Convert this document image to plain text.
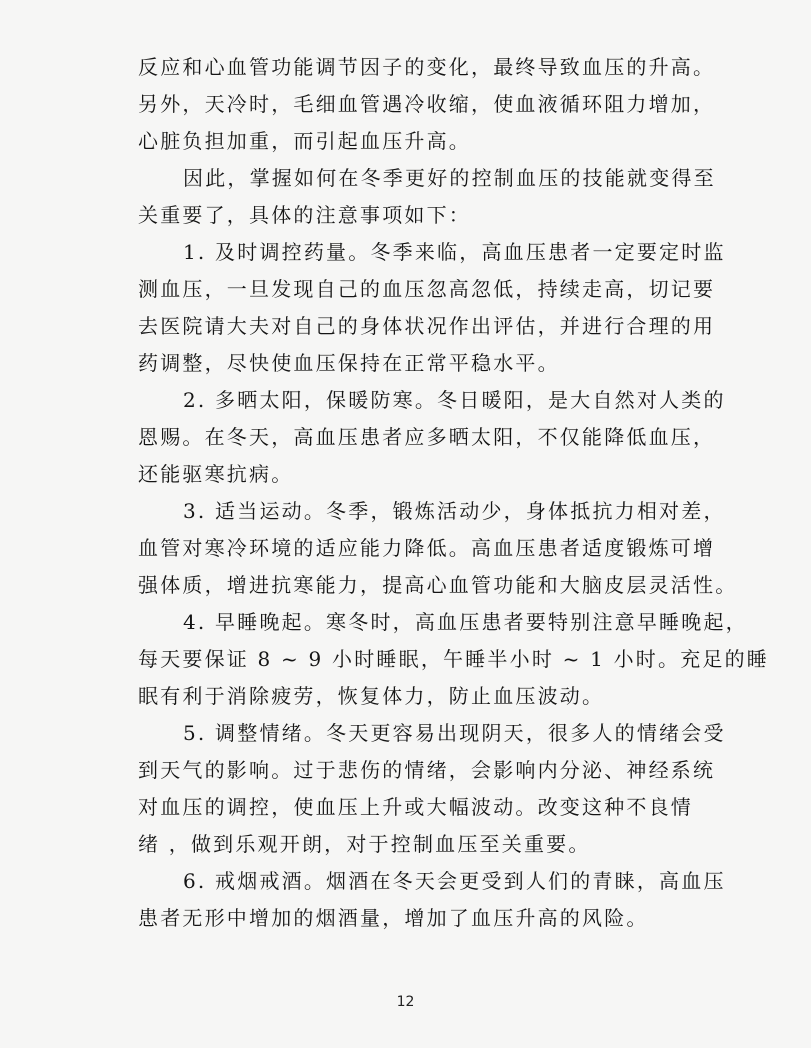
反应和心血管功能调节因子的变化，最终导致血压的升高。
另外，天冷时，毛细血管遇冷收缩，使血液循环阻力增加，
心脏负担加重，而引起血压升高。
因此，掌握如何在冬季更好的控制血压的技能就变得至
关重要了，具体的注意事项如下：
1. 及时调控药量。冬季来临，高血压患者一定要定时监
测血压，一旦发现自己的血压忽高忽低，持续走高，切记要
去医院请大夫对自己的身体状况作出评估，并进行合理的用
药调整，尽快使血压保持在正常平稳水平。
2. 多晒太阳，保暖防寒。冬日暖阳，是大自然对人类的
恩赐。在冬天，高血压患者应多晒太阳，不仅能降低血压，
还能驱寒抗病。
3. 适当运动。冬季，锻炼活动少，身体抵抗力相对差，
血管对寒冷环境的适应能力降低。高血压患者适度锻炼可增
强体质，增进抗寒能力，提高心血管功能和大脑皮层灵活性。
4. 早睡晚起。寒冬时，高血压患者要特别注意早睡晚起，
每天要保证 8 ~ 9 小时睡眠，午睡半小时 ~ 1 小时。充足的睡
眠有利于消除疲劳，恢复体力，防止血压波动。
5. 调整情绪。冬天更容易出现阴天，很多人的情绪会受
到天气的影响。过于悲伤的情绪，会影响内分泌、神经系统
对血压的调控，使血压上升或大幅波动。改变这种不良情
绪 ，做到乐观开朗，对于控制血压至关重要。
6. 戒烟戒酒。烟酒在冬天会更受到人们的青睐，高血压
患者无形中增加的烟酒量，增加了血压升高的风险。
12
